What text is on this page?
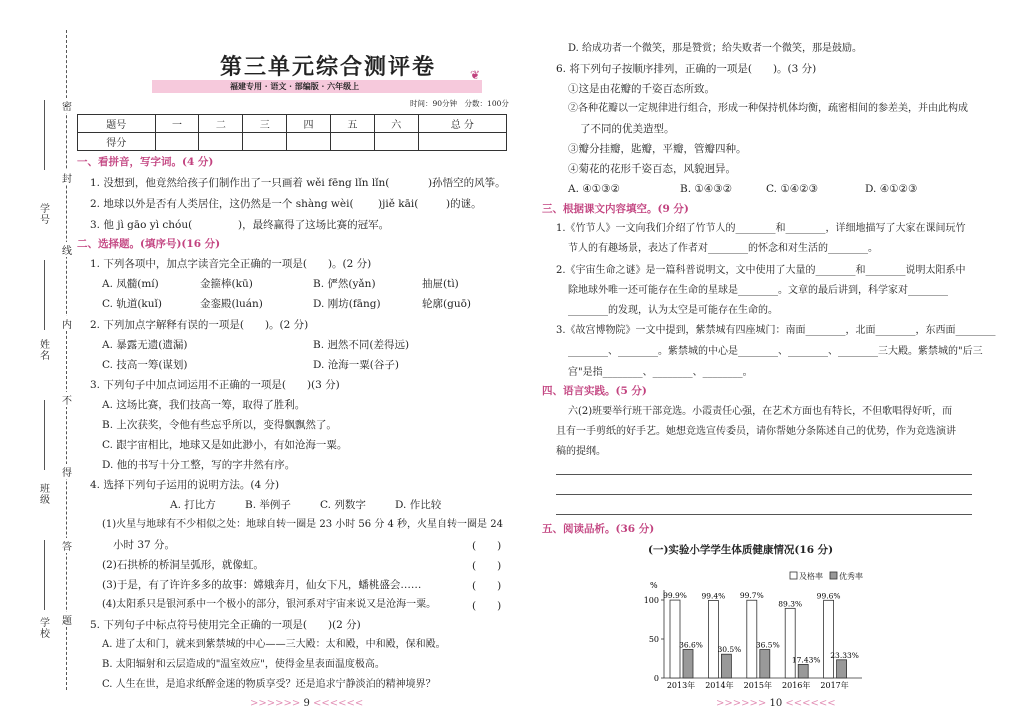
密
封
线
内
不
得
答
题
学号
姓名
班级
学校
第三单元综合测评卷
福建专用 · 语文 · 部编版 · 六年级上
❦
时间：90分钟　分数：100分
题号	一	二	三	四	五	六	总 分
得分							
一、看拼音，写字词。(4 分)
1. 没想到，他竟然给孩子们制作出了一只画着 wěi fēng lǐn lǐn(	)孙悟空的风筝。
2. 地球以外是否有人类居住，这仍然是一个 shàng wèi( )jiě kāi(	)的谜。
3. 他 jì gāo yì chóu(	)，最终赢得了这场比赛的冠军。
二、选择题。(填序号)(16 分)
1. 下列各项中，加点字读音完全正确的一项是(　　)。(2 分)
A. 凤髓(mí)	金箍棒(kū)	B. 俨然(yǎn)	抽屉(tì)
C. 轨道(kuǐ)	金銮殿(luán)	D. 刚坊(fāng)	轮廓(guō)
2. 下列加点字解释有误的一项是(　　)。(2 分)
A. 暴露无遗(遗漏)	B. 迥然不同(差得远)
C. 技高一筹(谋划)	D. 沧海一粟(谷子)
3. 下列句子中加点词运用不正确的一项是(　　)(3 分)
A. 这场比赛，我们技高一筹，取得了胜利。
B. 上次获奖，令他有些忘乎所以，变得飘飘然了。
C. 跟宇宙相比，地球又是如此渺小，有如沧海一粟。
D. 他的书写十分工整，写的字井然有序。
4. 选择下列句子运用的说明方法。(4 分)
A. 打比方	B. 举例子	C. 列数字	D. 作比较
(1)火星与地球有不少相似之处：地球自转一圈是 23 小时 56 分 4 秒，火星自转一圈是 24
小时 37 分。	(　　)
(2)石拱桥的桥洞呈弧形，就像虹。	(　　)
(3)于是，有了许许多多的故事：嫦娥奔月，仙女下凡，蟠桃盛会……	(　　)
(4)太阳系只是银河系中一个极小的部分，银河系对宇宙来说又是沧海一粟。	(　　)
5. 下列句子中标点符号使用完全正确的一项是(　　)(2 分)
A. 进了太和门，就来到紫禁城的中心——三大殿：太和殿，中和殿，保和殿。
B. 太阳辐射和云层造成的"温室效应"，使得金星表面温度极高。
C. 人生在世，是追求纸醉金迷的物质享受？还是追求宁静淡泊的精神境界？
>>>>>> 9 <<<<<<
D. 给成功者一个微笑，那是赞赏；给失败者一个微笑，那是鼓励。
6. 将下列句子按顺序排列，正确的一项是(　　)。(3 分)
①这是由花瓣的千姿百态所致。
②各种花瓣以一定规律进行组合，形成一种保持机体均衡，疏密相间的参差美，并由此构成
了不同的优美造型。
③瓣分挂瓣，匙瓣，平瓣，管瓣四种。
④菊花的花形千姿百态，风貌迥异。
A. ④①③②	B. ①④③②	C. ①④②③	D. ④①②③
三、根据课文内容填空。(9 分)
1.《竹节人》一文向我们介绍了竹节人的________和________，详细地描写了大家在课间玩竹
节人的有趣场景，表达了作者对________的怀念和对生活的________。
2.《宇宙生命之谜》是一篇科普说明文，文中使用了大量的________和________说明太阳系中
除地球外唯一还可能存在生命的星球是________。文章的最后讲到，科学家对________
________的发现，认为太空是可能存在生命的。
3.《故宫博物院》一文中提到，紫禁城有四座城门：南面________，北面________，东西面________
________、________。紫禁城的中心是________、________、________三大殿。紫禁城的"后三
宫"是指________、________、________。
四、语言实践。(5 分)
六(2)班要举行班干部竞选。小霞责任心强，在艺术方面也有特长，不但歌唱得好听，而
且有一手剪纸的好手艺。她想竞选宣传委员，请你帮她分条陈述自己的优势，作为竞选演讲
稿的提纲。
五、阅读品析。(36 分)
(一)实验小学学生体质健康情况(16 分)
及格率 优秀率
%
0
50
100
2013年 2014年 2015年 2016年 2017年
99.9%
36.6%
99.4%
30.5%
99.7%
36.5%
89.3%
17.43%
99.6%
23.33%
>>>>>> 10 <<<<<<
